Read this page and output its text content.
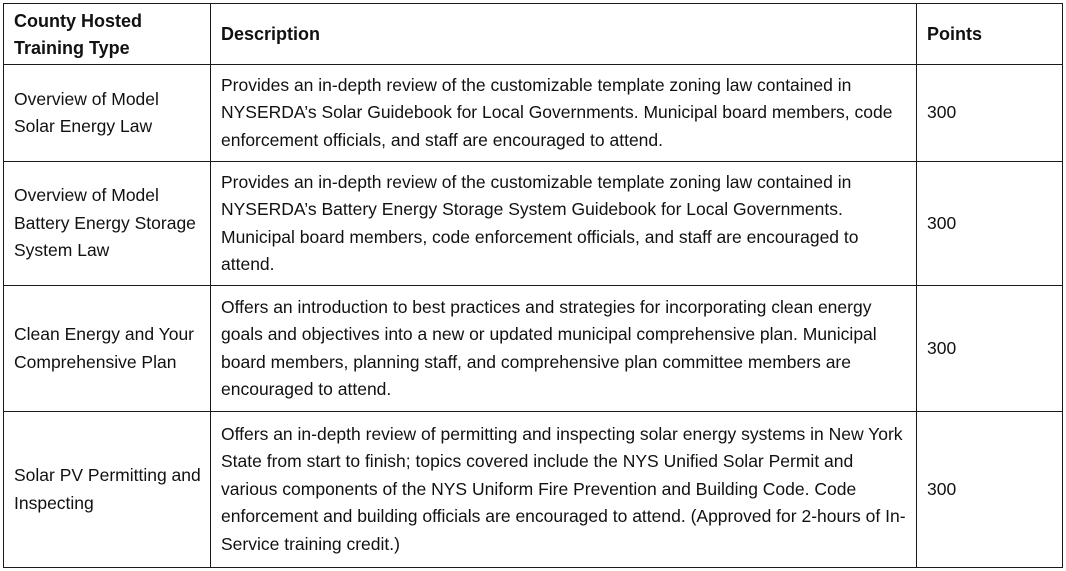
County Hosted Training Type	Description	Points
Overview of Model Solar Energy Law	Provides an in-depth review of the customizable template zoning law contained in NYSERDA’s Solar Guidebook for Local Governments. Municipal board members, code enforcement officials, and staff are encouraged to attend.	300
Overview of Model Battery Energy Storage System Law	Provides an in-depth review of the customizable template zoning law contained in NYSERDA’s Battery Energy Storage System Guidebook for Local Governments. Municipal board members, code enforcement officials, and staff are encouraged to attend.	300
Clean Energy and Your Comprehensive Plan	Offers an introduction to best practices and strategies for incorporating clean energy goals and objectives into a new or updated municipal comprehensive plan. Municipal board members, planning staff, and comprehensive plan committee members are encouraged to attend.	300
Solar PV Permitting and Inspecting	Offers an in-depth review of permitting and inspecting solar energy systems in New York State from start to finish; topics covered include the NYS Unified Solar Permit and various components of the NYS Uniform Fire Prevention and Building Code. Code enforcement and building officials are encouraged to attend. (Approved for 2-hours of In-Service training credit.)	300
